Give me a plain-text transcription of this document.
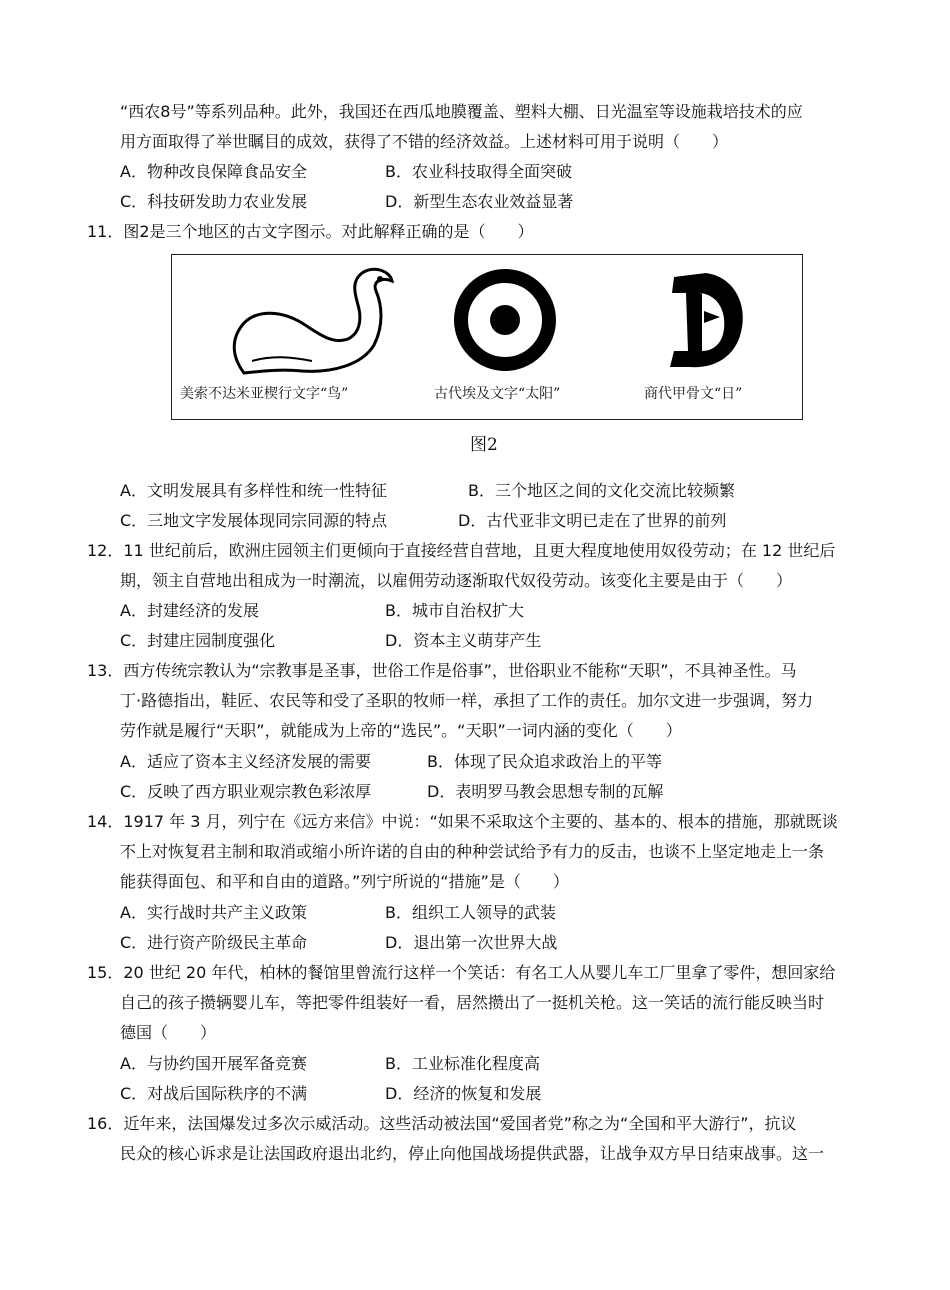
“西农8号”等系列品种。此外，我国还在西瓜地膜覆盖、塑料大棚、日光温室等设施栽培技术的应
用方面取得了举世瞩目的成效，获得了不错的经济效益。上述材料可用于说明（　　）
A．物种改良保障食品安全	B．农业科技取得全面突破
C．科技研发助力农业发展	D．新型生态农业效益显著
11．图2是三个地区的古文字图示。对此解释正确的是（　　）
美索不达米亚楔行文字“鸟”	古代埃及文字“太阳”	商代甲骨文“日”
图2
A．文明发展具有多样性和统一性特征	B．三个地区之间的文化交流比较频繁
C．三地文字发展体现同宗同源的特点	D．古代亚非文明已走在了世界的前列
12．11 世纪前后，欧洲庄园领主们更倾向于直接经营自营地，且更大程度地使用奴役劳动；在 12 世纪后
期，领主自营地出租成为一时潮流，以雇佣劳动逐渐取代奴役劳动。该变化主要是由于（　　）
A．封建经济的发展	B．城市自治权扩大
C．封建庄园制度强化	D．资本主义萌芽产生
13．西方传统宗教认为“宗教事是圣事，世俗工作是俗事”，世俗职业不能称“天职”，不具神圣性。马
丁·路德指出，鞋匠、农民等和受了圣职的牧师一样，承担了工作的责任。加尔文进一步强调，努力
劳作就是履行“天职”，就能成为上帝的“选民”。“天职”一词内涵的变化（　　）
A．适应了资本主义经济发展的需要	B．体现了民众追求政治上的平等
C．反映了西方职业观宗教色彩浓厚	D．表明罗马教会思想专制的瓦解
14．1917 年 3 月，列宁在《远方来信》中说：“如果不采取这个主要的、基本的、根本的措施，那就既谈
不上对恢复君主制和取消或缩小所许诺的自由的种种尝试给予有力的反击，也谈不上坚定地走上一条
能获得面包、和平和自由的道路。”列宁所说的“措施”是（　　）
A．实行战时共产主义政策	B．组织工人领导的武装
C．进行资产阶级民主革命	D．退出第一次世界大战
15．20 世纪 20 年代，柏林的餐馆里曾流行这样一个笑话：有名工人从婴儿车工厂里拿了零件，想回家给
自己的孩子攒辆婴儿车，等把零件组装好一看，居然攒出了一挺机关枪。这一笑话的流行能反映当时
德国（　　）
A．与协约国开展军备竞赛	B．工业标准化程度高
C．对战后国际秩序的不满	D．经济的恢复和发展
16．近年来，法国爆发过多次示威活动。这些活动被法国“爱国者党”称之为“全国和平大游行”，抗议
民众的核心诉求是让法国政府退出北约，停止向他国战场提供武器，让战争双方早日结束战事。这一
